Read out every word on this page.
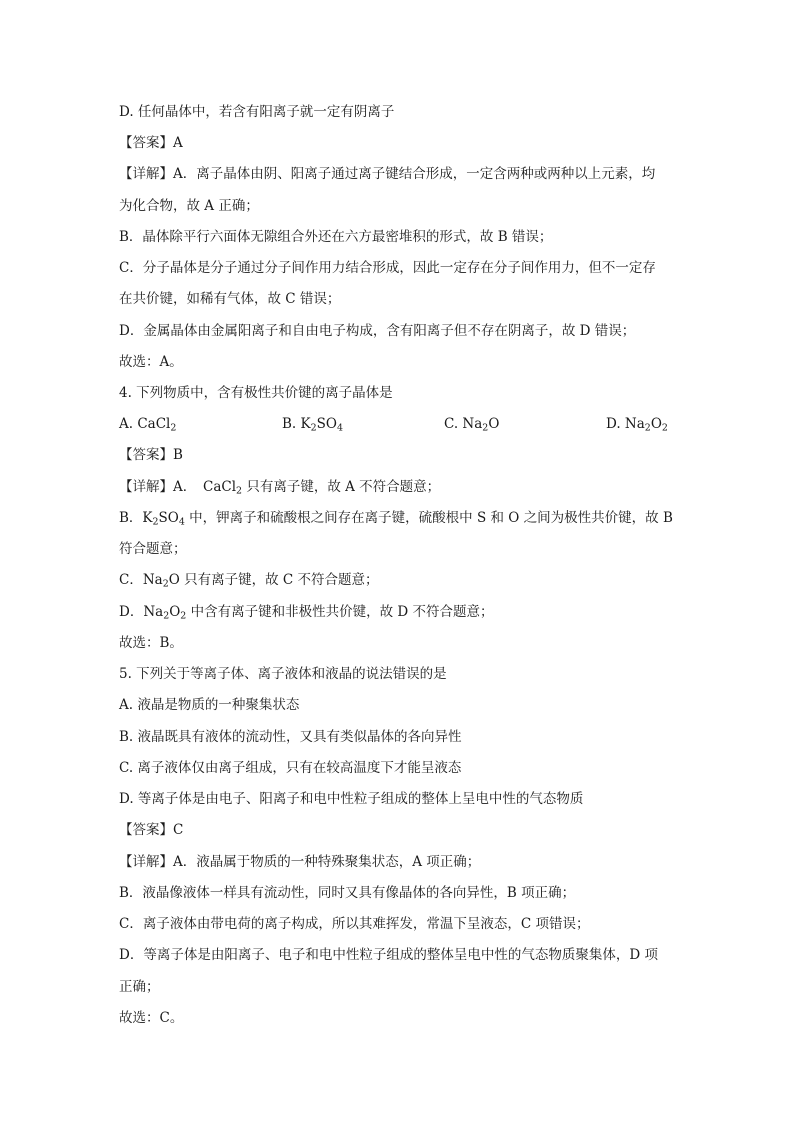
D. 任何晶体中，若含有阳离子就一定有阴离子
【答案】A
【详解】A．离子晶体由阴、阳离子通过离子键结合形成，一定含两种或两种以上元素，均
为化合物，故 A 正确；
B．晶体除平行六面体无隙组合外还在六方最密堆积的形式，故 B 错误；
C．分子晶体是分子通过分子间作用力结合形成，因此一定存在分子间作用力，但不一定存
在共价键，如稀有气体，故 C 错误；
D．金属晶体由金属阳离子和自由电子构成，含有阳离子但不存在阴离子，故 D 错误；
故选：A。
4. 下列物质中，含有极性共价键的离子晶体是
A. CaCl$_2$	B. $K_2SO_4$	C. $Na_2O$	D. $Na_2O_2$
【答案】B
【详解】A．　CaCl$_2$ 只有离子键，故 A 不符合题意；
B．$K_2SO_4$ 中，钾离子和硫酸根之间存在离子键，硫酸根中 S 和 O 之间为极性共价键，故 B
符合题意；
C．$Na_2O$ 只有离子键，故 C 不符合题意；
D．$Na_2O_2$ 中含有离子键和非极性共价键，故 D 不符合题意；
故选：B。
5. 下列关于等离子体、离子液体和液晶的说法错误的是
A. 液晶是物质的一种聚集状态
B. 液晶既具有液体的流动性，又具有类似晶体的各向异性
C. 离子液体仅由离子组成，只有在较高温度下才能呈液态
D. 等离子体是由电子、阳离子和电中性粒子组成的整体上呈电中性的气态物质
【答案】C
【详解】A．液晶属于物质的一种特殊聚集状态，A 项正确；
B．液晶像液体一样具有流动性，同时又具有像晶体的各向异性，B 项正确；
C．离子液体由带电荷的离子构成，所以其难挥发，常温下呈液态，C 项错误；
D．等离子体是由阳离子、电子和电中性粒子组成的整体呈电中性的气态物质聚集体，D 项
正确；
故选：C。
